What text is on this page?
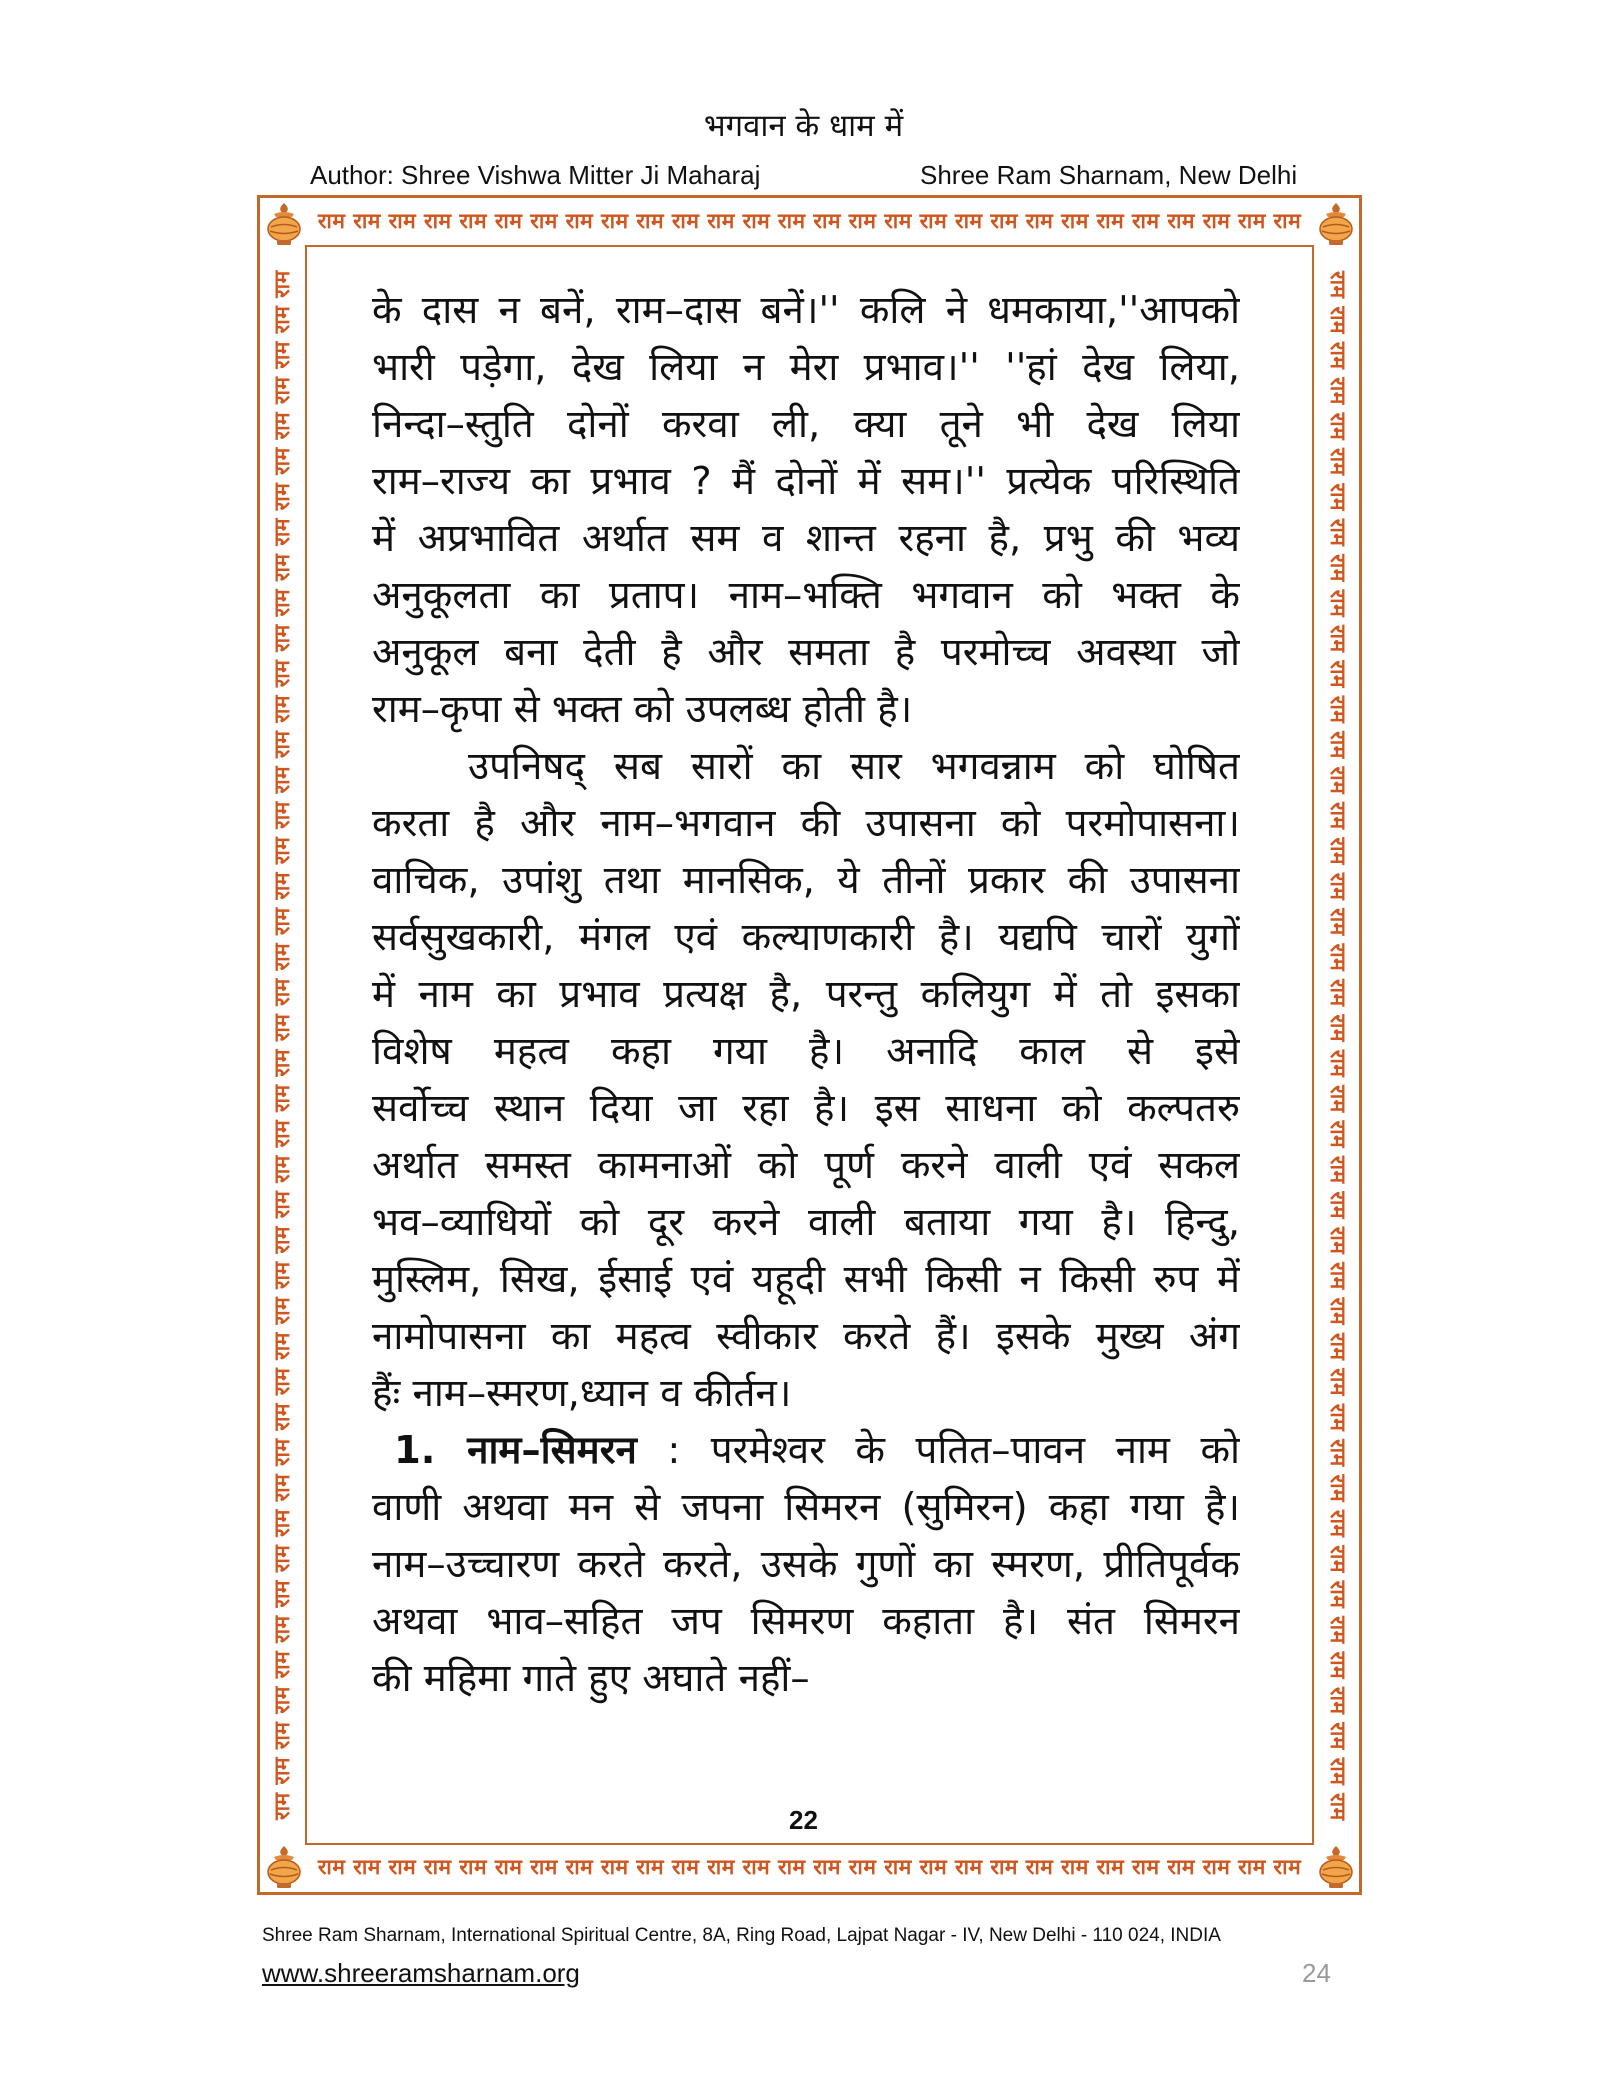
भगवान के धाम में
Author: Shree Vishwa Mitter Ji Maharaj	Shree Ram Sharnam, New Delhi
राम राम राम राम राम राम राम राम राम राम राम राम राम राम राम राम राम राम राम राम राम राम राम राम राम राम राम राम
राम राम राम राम राम राम राम राम राम राम राम राम राम राम राम राम राम राम राम राम राम राम राम राम राम राम राम राम
राम राम राम राम राम राम राम राम राम राम राम राम राम राम राम राम राम राम राम राम राम राम राम राम राम राम राम राम राम राम राम राम राम राम राम राम राम राम राम राम राम राम राम राम	राम राम राम राम राम राम राम राम राम राम राम राम राम राम राम राम राम राम राम राम राम राम राम राम राम राम राम राम राम राम राम राम राम राम राम राम राम राम राम राम राम राम राम राम
के दास न बनें, राम–दास बनें।'' कलि ने धमकाया,''आपको
भारी पड़ेगा, देख लिया न मेरा प्रभाव।'' ''हां देख लिया,
निन्दा–स्तुति दोनों करवा ली, क्या तूने भी देख लिया
राम–राज्य का प्रभाव ? मैं दोनों में सम।'' प्रत्येक परिस्थिति
में अप्रभावित अर्थात सम व शान्त रहना है, प्रभु की भव्य
अनुकूलता का प्रताप। नाम–भक्ति भगवान को भक्त के
अनुकूल बना देती है और समता है परमोच्च अवस्था जो
राम–कृपा से भक्त को उपलब्ध होती है।
उपनिषद् सब सारों का सार भगवन्नाम को घोषित
करता है और नाम–भगवान की उपासना को परमोपासना।
वाचिक, उपांशु तथा मानसिक, ये तीनों प्रकार की उपासना
सर्वसुखकारी, मंगल एवं कल्याणकारी है। यद्यपि चारों युगों
में नाम का प्रभाव प्रत्यक्ष है, परन्तु कलियुग में तो इसका
विशेष महत्व कहा गया है। अनादि काल से इसे
सर्वोच्च स्थान दिया जा रहा है। इस साधना को कल्पतरु
अर्थात समस्त कामनाओं को पूर्ण करने वाली एवं सकल
भव–व्याधियों को दूर करने वाली बताया गया है। हिन्दु,
मुस्लिम, सिख, ईसाई एवं यहूदी सभी किसी न किसी रुप में
नामोपासना का महत्व स्वीकार करते हैं। इसके मुख्य अंग
हैंः नाम–स्मरण,ध्यान व कीर्तन।
1. नाम–सिमरन : परमेश्वर के पतित–पावन नाम को
वाणी अथवा मन से जपना सिमरन (सुमिरन) कहा गया है।
नाम–उच्चारण करते करते, उसके गुणों का स्मरण, प्रीतिपूर्वक
अथवा भाव–सहित जप सिमरण कहाता है। संत सिमरन
की महिमा गाते हुए अघाते नहीं–
22
Shree Ram Sharnam, International Spiritual Centre, 8A, Ring Road, Lajpat Nagar - IV, New Delhi - 110 024, INDIA
www.shreeramsharnam.org	24
